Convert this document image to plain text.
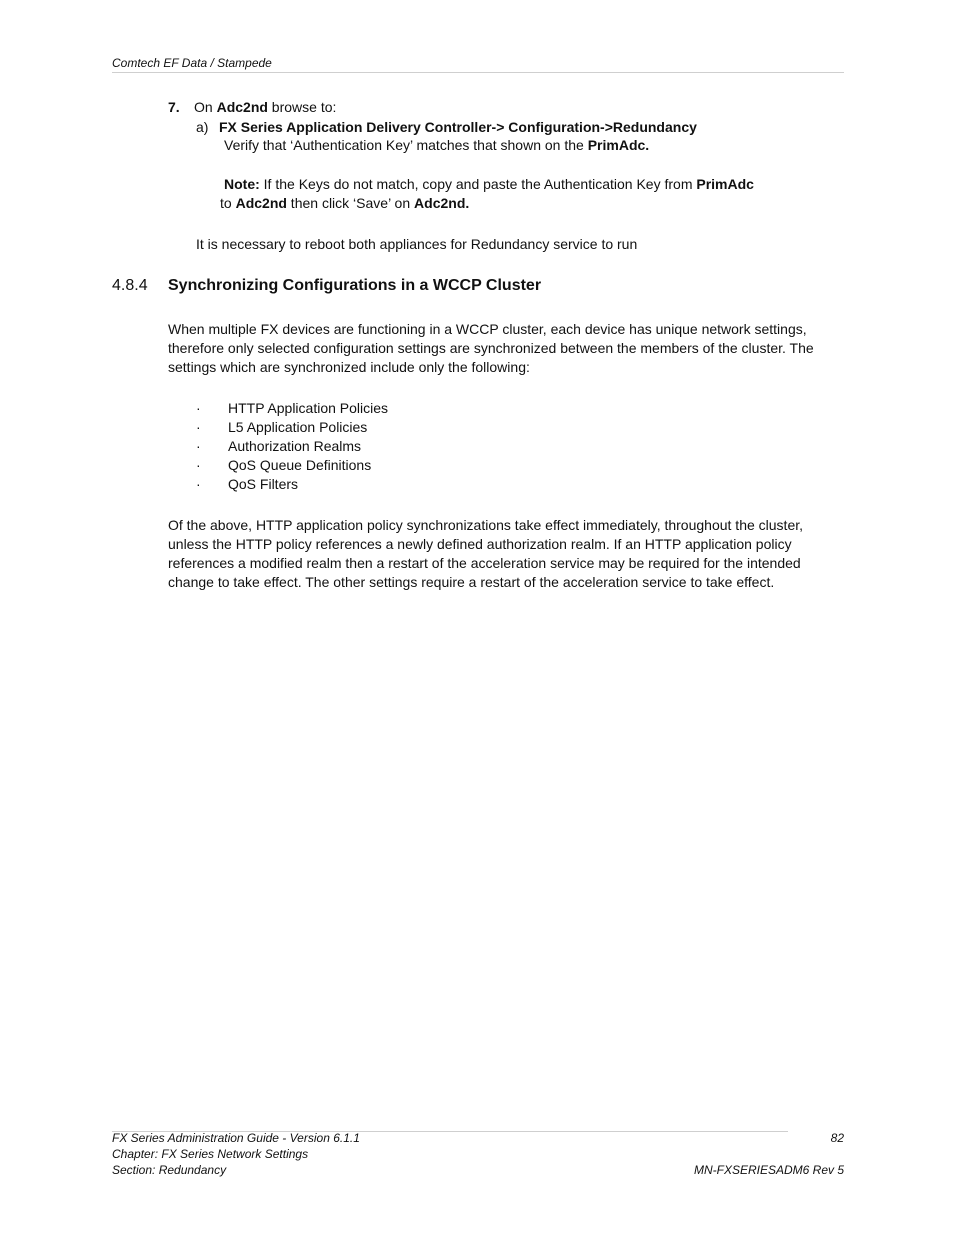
Comtech EF Data / Stampede
7. On Adc2nd browse to:
a) FX Series Application Delivery Controller-> Configuration->Redundancy
Verify that ‘Authentication Key’ matches that shown on the PrimAdc.
Note: If the Keys do not match, copy and paste the Authentication Key from PrimAdc
to Adc2nd then click ‘Save’ on Adc2nd.
It is necessary to reboot both appliances for Redundancy service to run
4.8.4 Synchronizing Configurations in a WCCP Cluster
When multiple FX devices are functioning in a WCCP cluster, each device has unique network settings, therefore only selected configuration settings are synchronized between the members of the cluster. The settings which are synchronized include only the following:
·	HTTP Application Policies
·	L5 Application Policies
·	Authorization Realms
·	QoS Queue Definitions
·	QoS Filters
Of the above, HTTP application policy synchronizations take effect immediately, throughout the cluster, unless the HTTP policy references a newly defined authorization realm. If an HTTP application policy references a modified realm then a restart of the acceleration service may be required for the intended change to take effect. The other settings require a restart of the acceleration service to take effect.
FX Series Administration Guide - Version 6.1.1	82
Chapter: FX Series Network Settings
Section: Redundancy	MN-FXSERIESADM6 Rev 5
